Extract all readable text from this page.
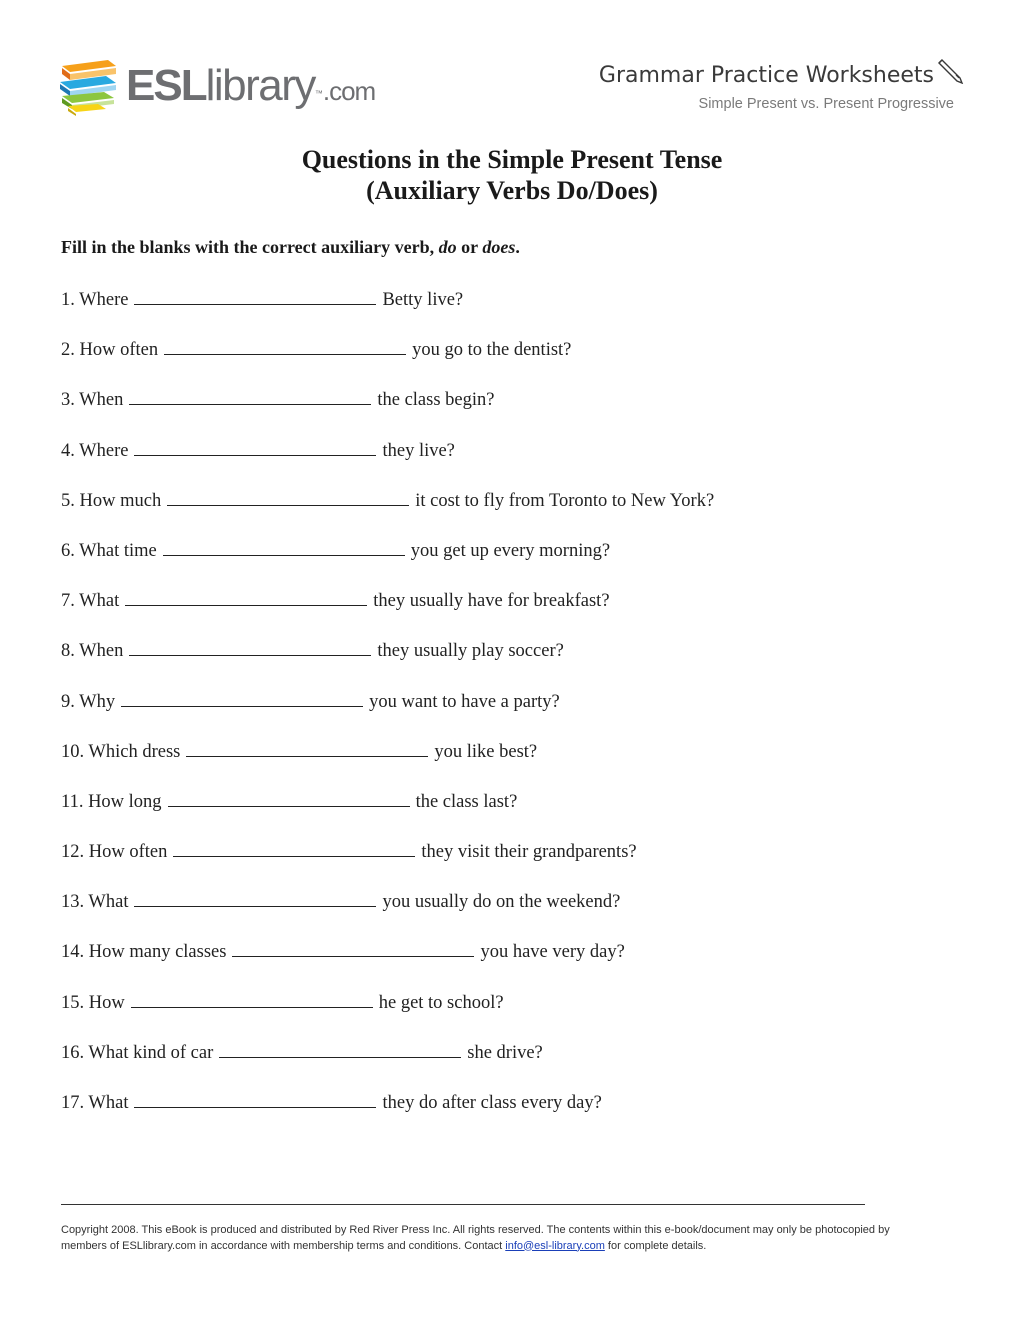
ESLlibrary™.com
Grammar Practice Worksheets
Simple Present vs. Present Progressive
Questions in the Simple Present Tense
(Auxiliary Verbs Do/Does)
Fill in the blanks with the correct auxiliary verb, do or does.
1. Where	Betty live?
2. How often	you go to the dentist?
3. When	the class begin?
4. Where	they live?
5. How much	it cost to fly from Toronto to New York?
6. What time	you get up every morning?
7. What	they usually have for breakfast?
8. When	they usually play soccer?
9. Why	you want to have a party?
10. Which dress	you like best?
11. How long	the class last?
12. How often	they visit their grandparents?
13. What	you usually do on the weekend?
14. How many classes	you have very day?
15. How	he get to school?
16. What kind of car	she drive?
17. What	they do after class every day?
Copyright 2008. This eBook is produced and distributed by Red River Press Inc. All rights reserved. The contents within this e-book/document may only be photocopied by members of ESLlibrary.com in accordance with membership terms and conditions. Contact info@esl-library.com for complete details.
